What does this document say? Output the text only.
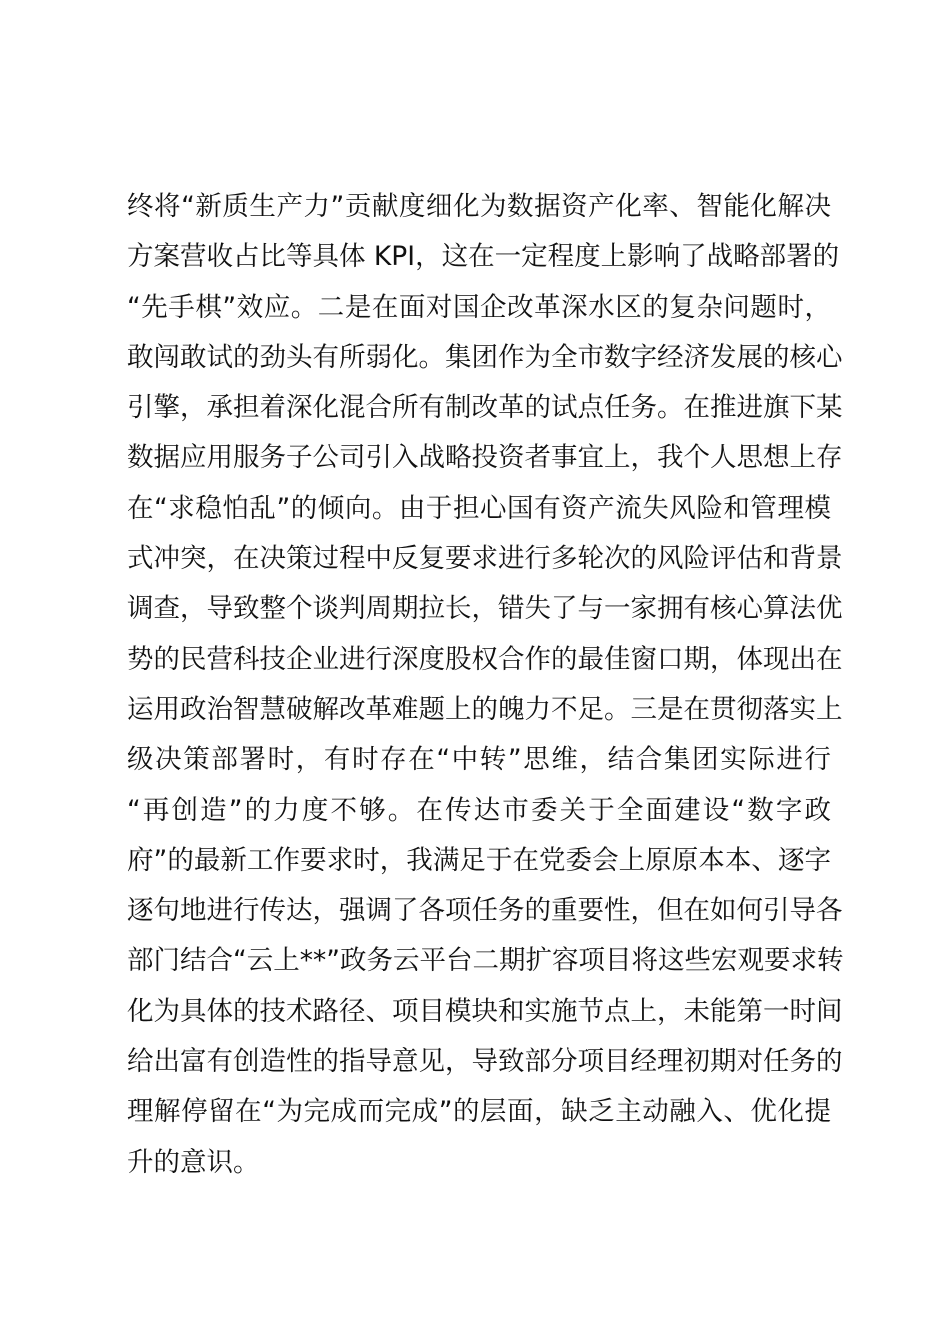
终将“新质生产力”贡献度细化为数据资产化率、智能化解决
方案营收占比等具体 KPI，这在一定程度上影响了战略部署的
“先手棋”效应。二是在面对国企改革深水区的复杂问题时，
敢闯敢试的劲头有所弱化。集团作为全市数字经济发展的核心
引擎，承担着深化混合所有制改革的试点任务。在推进旗下某
数据应用服务子公司引入战略投资者事宜上，我个人思想上存
在“求稳怕乱”的倾向。由于担心国有资产流失风险和管理模
式冲突，在决策过程中反复要求进行多轮次的风险评估和背景
调查，导致整个谈判周期拉长，错失了与一家拥有核心算法优
势的民营科技企业进行深度股权合作的最佳窗口期，体现出在
运用政治智慧破解改革难题上的魄力不足。三是在贯彻落实上
级决策部署时，有时存在“中转”思维，结合集团实际进行
“再创造”的力度不够。在传达市委关于全面建设“数字政
府”的最新工作要求时，我满足于在党委会上原原本本、逐字
逐句地进行传达，强调了各项任务的重要性，但在如何引导各
部门结合“云上**”政务云平台二期扩容项目将这些宏观要求转
化为具体的技术路径、项目模块和实施节点上，未能第一时间
给出富有创造性的指导意见，导致部分项目经理初期对任务的
理解停留在“为完成而完成”的层面，缺乏主动融入、优化提
升的意识。
